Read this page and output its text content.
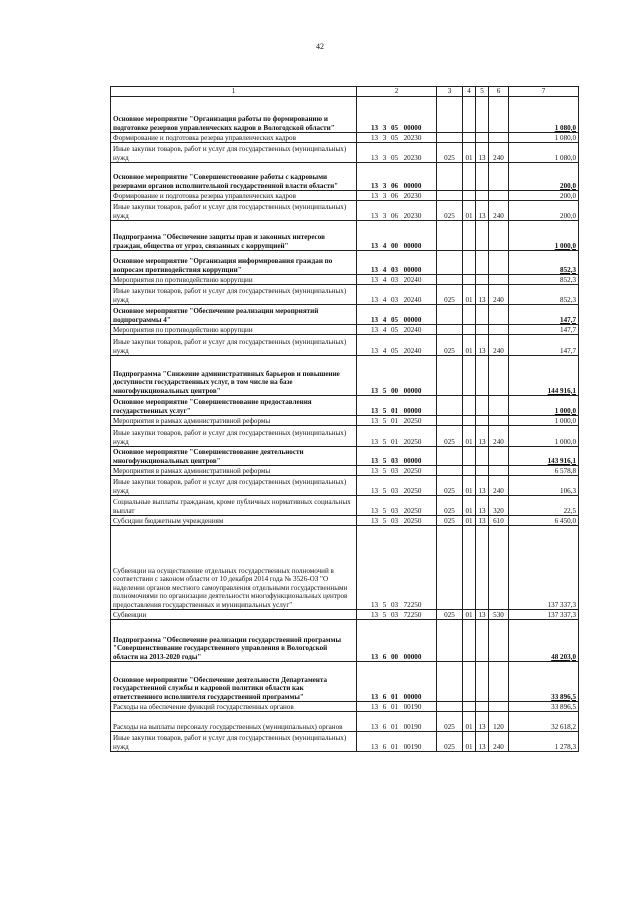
42
1	2	3	4	5	6	7
Основное мероприятие "Организация работы по формированию и подготовке резервов управленческих кадров в Вологодской области"	13 3 05 00000					1 080,0
Формирование и подготовка резерва управленческих кадров	13 3 05 20230					1 080,0
Иные закупки товаров, работ и услуг для государственных (муниципальных) нужд	13 3 05 20230	025	01	13	240	1 080,0
Основное мероприятие "Совершенствование работы с кадровыми резервами органов исполнительной государственной власти области"	13 3 06 00000					200,0
Формирование и подготовка резерва управленческих кадров	13 3 06 20230					200,0
Иные закупки товаров, работ и услуг для государственных (муниципальных) нужд	13 3 06 20230	025	01	13	240	200,0
Подпрограмма "Обеспечение защиты прав и законных интересов граждан, общества от угроз, связанных с коррупцией"	13 4 00 00000					1 000,0
Основное мероприятие "Организация информирования граждан по вопросам противодействия коррупции"	13 4 03 00000					852,3
Мероприятия по противодействию коррупции	13 4 03 20240					852,3
Иные закупки товаров, работ и услуг для государственных (муниципальных) нужд	13 4 03 20240	025	01	13	240	852,3
Основное мероприятие "Обеспечение реализации мероприятий подпрограммы 4"	13 4 05 00000					147,7
Мероприятия по противодействию коррупции	13 4 05 20240					147,7
Иные закупки товаров, работ и услуг для государственных (муниципальных) нужд	13 4 05 20240	025	01	13	240	147,7
Подпрограмма "Снижение административных барьеров и повышение доступности государственных услуг, в том числе на базе многофункциональных центров"	13 5 00 00000					144 916,1
Основное мероприятие "Совершенствование предоставления государственных услуг"	13 5 01 00000					1 000,0
Мероприятия в рамках административной реформы	13 5 01 20250					1 000,0
Иные закупки товаров, работ и услуг для государственных (муниципальных) нужд	13 5 01 20250	025	01	13	240	1 000,0
Основное мероприятие "Совершенствование деятельности многофункциональных центров"	13 5 03 00000					143 916,1
Мероприятия в рамках административной реформы	13 5 03 20250					6 578,8
Иные закупки товаров, работ и услуг для государственных (муниципальных) нужд	13 5 03 20250	025	01	13	240	106,3
Социальные выплаты гражданам, кроме публичных нормативных социальных выплат	13 5 03 20250	025	01	13	320	22,5
Субсидии бюджетным учреждениям	13 5 03 20250	025	01	13	610	6 450,0
Субвенции на осуществление отдельных государственных полномочий в соответствии с законом области от 10 декабря 2014 года № 3526-ОЗ "О наделении органов местного самоуправления отдельными государственными полномочиями по организации деятельности многофункциональных центров предоставления государственных и муниципальных услуг"	13 5 03 72250					137 337,3
Субвенции	13 5 03 72250	025	01	13	530	137 337,3
Подпрограмма "Обеспечение реализации государственной программы "Совершенствование государственного управления в Вологодской области на 2013-2020 годы"	13 6 00 00000					48 203,0
Основное мероприятие "Обеспечение деятельности Департамента государственной службы и кадровой политики области как ответственного исполнителя государственной программы"	13 6 01 00000					33 896,5
Расходы на обеспечение функций государственных органов	13 6 01 00190					33 896,5
Расходы на выплаты персоналу государственных (муниципальных) органов	13 6 01 00190	025	01	13	120	32 618,2
Иные закупки товаров, работ и услуг для государственных (муниципальных) нужд	13 6 01 00190	025	01	13	240	1 278,3
